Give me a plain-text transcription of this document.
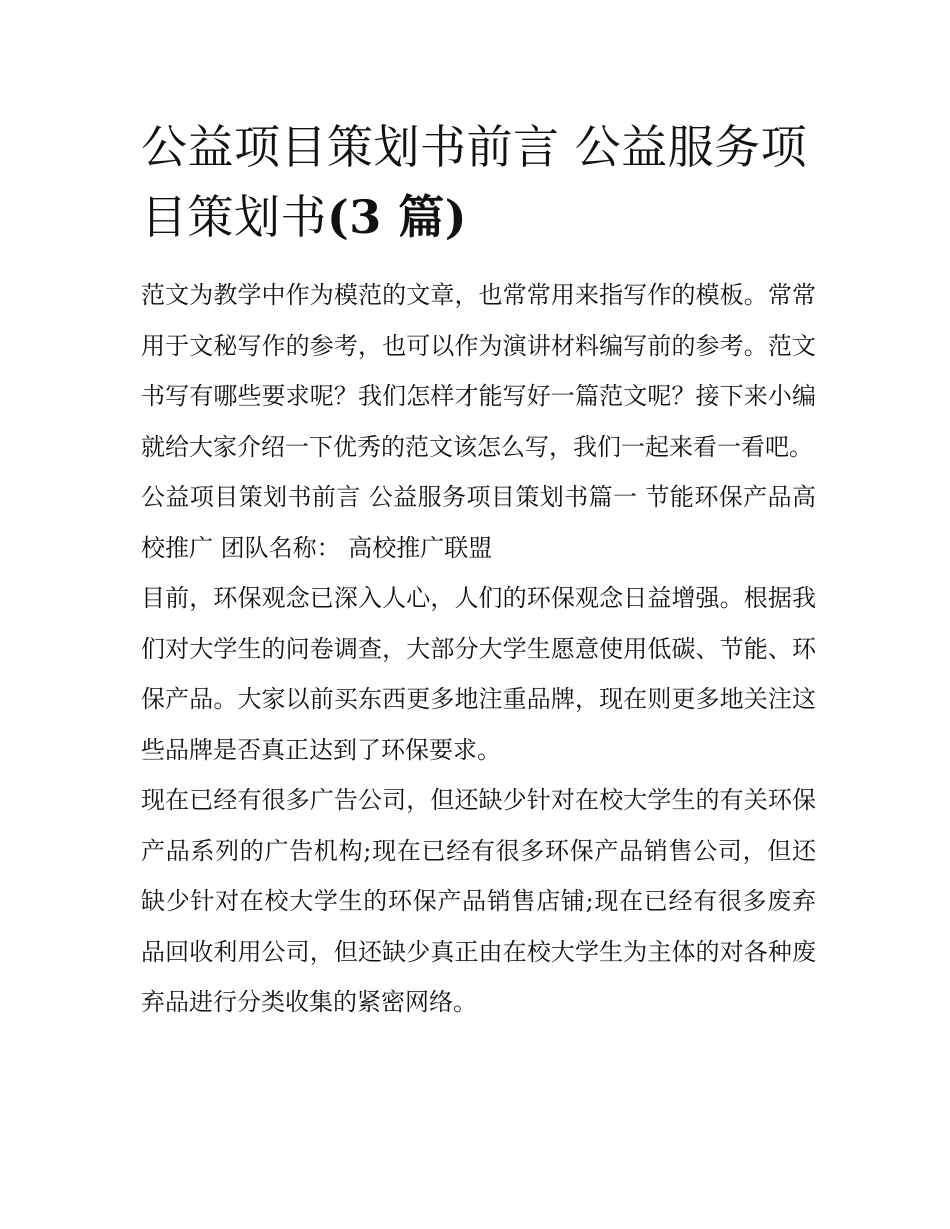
公益项目策划书前言 公益服务项目策划书(3 篇)

范文为教学中作为模范的文章，也常常用来指写作的模板。常常用于文秘写作的参考，也可以作为演讲材料编写前的参考。范文书写有哪些要求呢？我们怎样才能写好一篇范文呢？接下来小编就给大家介绍一下优秀的范文该怎么写，我们一起来看一看吧。

公益项目策划书前言 公益服务项目策划书篇一 节能环保产品高校推广 团队名称： 高校推广联盟

目前，环保观念已深入人心，人们的环保观念日益增强。根据我们对大学生的问卷调查，大部分大学生愿意使用低碳、节能、环保产品。大家以前买东西更多地注重品牌，现在则更多地关注这些品牌是否真正达到了环保要求。

现在已经有很多广告公司，但还缺少针对在校大学生的有关环保产品系列的广告机构;现在已经有很多环保产品销售公司，但还缺少针对在校大学生的环保产品销售店铺;现在已经有很多废弃品回收利用公司，但还缺少真正由在校大学生为主体的对各种废弃品进行分类收集的紧密网络。
